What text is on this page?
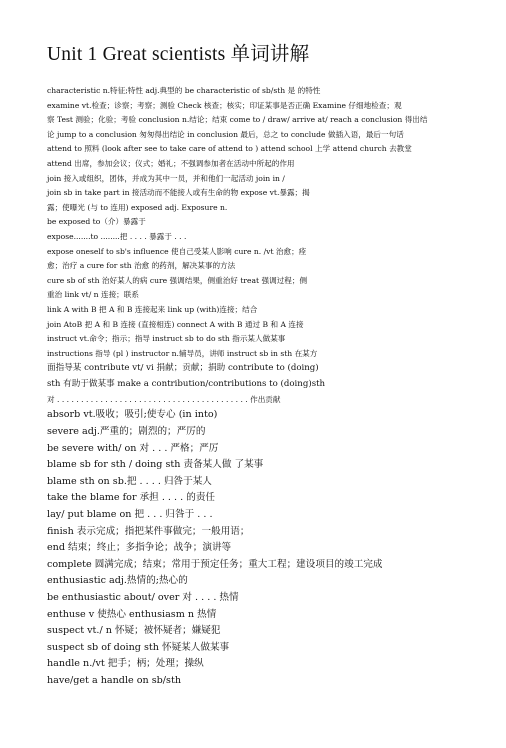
Unit 1 Great scientists 单词讲解
characteristic n.特征;特性 adj.典型的 be characteristic of sb/sth 是 的特性
examine vt.检查；诊察；考察；测验 Check 核查；核实；印证某事是否正确 Examine 仔细地检查；观
察 Test 测验；化验；考验 conclusion n.结论；结束 come to / draw/ arrive at/ reach a conclusion 得出结
论 jump to a conclusion 匆匆得出结论 in conclusion 最后，总之 to conclude 做插入语，最后一句话
attend to 照料 (look after see to take care of attend to ) attend school 上学 attend church 去教堂
attend 出席，参加会议；仪式；婚礼；不强调参加者在活动中所起的作用
join 接入或组织，团体，并成为其中一员，并和他们一起活动 join in /
join sb in take part in 接活动而不能接人或有生命的物 expose vt.暴露；揭
露；使曝光 (与 to 连用) exposed adj. Exposure n.
be exposed to（介）暴露于
expose.......to ........把 . . . . 暴露于 . . .
expose oneself to sb's influence 使自己受某人影响 cure n. /vt 治愈；痊
愈；治疗 a cure for sth 治愈 的药剂，解决某事的方法
cure sb of sth 治好某人的病 cure 强调结果，侧重治好 treat 强调过程；侧
重治 link vt/ n 连接；联系
link A with B 把 A 和 B 连接起来 link up (with)连接；结合
join AtoB 把 A 和 B 连接 (直接相连) connect A with B 通过 B 和 A 连接
instruct vt.命令；指示；指导 instruct sb to do sth 指示某人做某事
instructions 指导 (pl ) instructor n.辅导员，讲师 instruct sb in sth 在某方
面指导某 contribute vt/ vi 捐献；贡献；捐助 contribute to (doing)
sth 有助于做某事 make a contribution/contributions to (doing)sth
对 . . . . . . . . . . . . . . . . . . . . . . . . . . . . . . . . . . . . . . . . 作出贡献
absorb vt.吸收；吸引;使专心 (in into)
severe adj.严重的；剧烈的；严厉的
be severe with/ on 对 . . . 严格；严厉
blame sb for sth / doing sth 责备某人做 了某事
blame sth on sb.把 . . . . 归咎于某人
take the blame for 承担 . . . . 的责任
lay/ put blame on 把 . . . 归咎于 . . .
finish 表示完成；指把某件事做完；一般用语；
end 结束；终止；多指争论；战争；演讲等
complete 圆满完成；结束；常用于预定任务；重大工程；建设项目的竣工完成
enthusiastic adj.热情的;热心的
be enthusiastic about/ over 对 . . . . 热情
enthuse v 使热心 enthusiasm n 热情
suspect vt./ n 怀疑；被怀疑者；嫌疑犯
suspect sb of doing sth 怀疑某人做某事
handle n./vt 把手；柄；处理；操纵
have/get a handle on sb/sth
